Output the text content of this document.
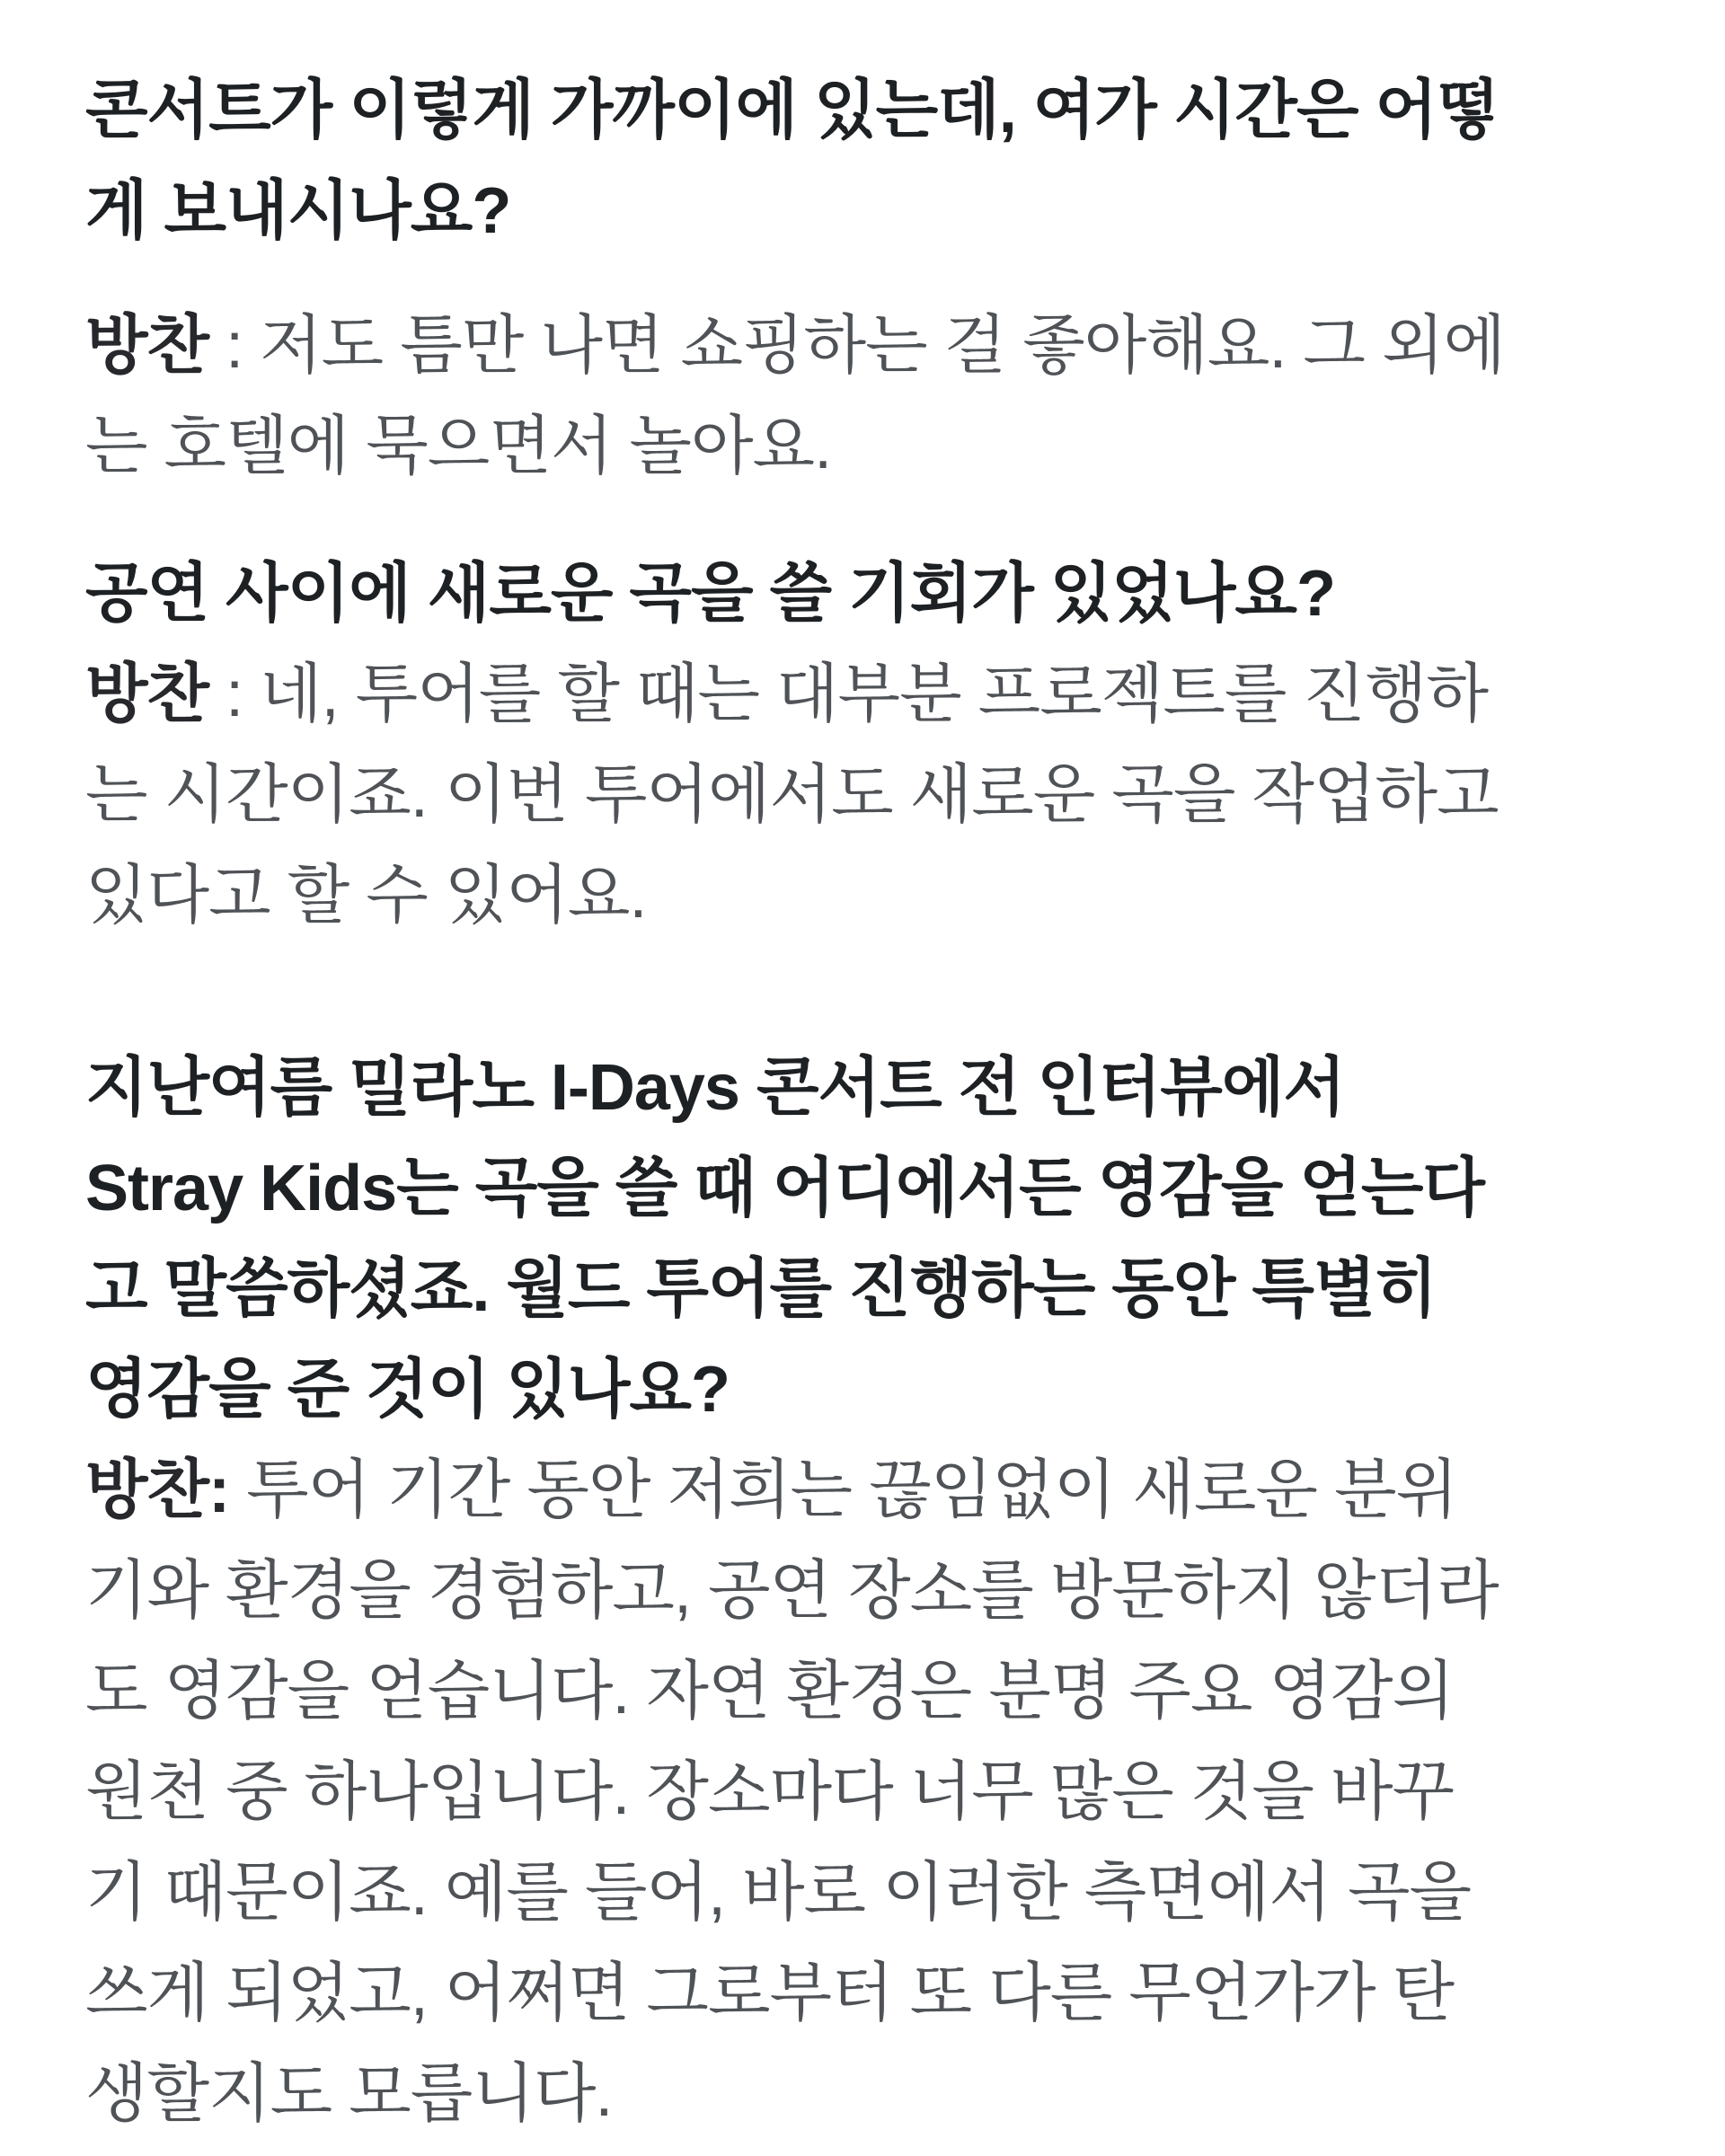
콘서트가 이렇게 가까이에 있는데, 여가 시간은 어떻
게 보내시나요?
방찬 : 저도 틈만 나면 쇼핑하는 걸 좋아해요. 그 외에
는 호텔에 묵으면서 놀아요.
공연 사이에 새로운 곡을 쓸 기회가 있었나요?
방찬 : 네, 투어를 할 때는 대부분 프로젝트를 진행하
는 시간이죠. 이번 투어에서도 새로운 곡을 작업하고
있다고 할 수 있어요.
지난여름 밀라노 I-Days 콘서트 전 인터뷰에서
Stray Kids는 곡을 쓸 때 어디에서든 영감을 얻는다
고 말씀하셨죠. 월드 투어를 진행하는 동안 특별히
영감을 준 것이 있나요?
방찬: 투어 기간 동안 저희는 끊임없이 새로운 분위
기와 환경을 경험하고, 공연 장소를 방문하지 않더라
도 영감을 얻습니다. 자연 환경은 분명 주요 영감의
원천 중 하나입니다. 장소마다 너무 많은 것을 바꾸
기 때문이죠. 예를 들어, 바로 이러한 측면에서 곡을
쓰게 되었고, 어쩌면 그로부터 또 다른 무언가가 탄
생할지도 모릅니다.
